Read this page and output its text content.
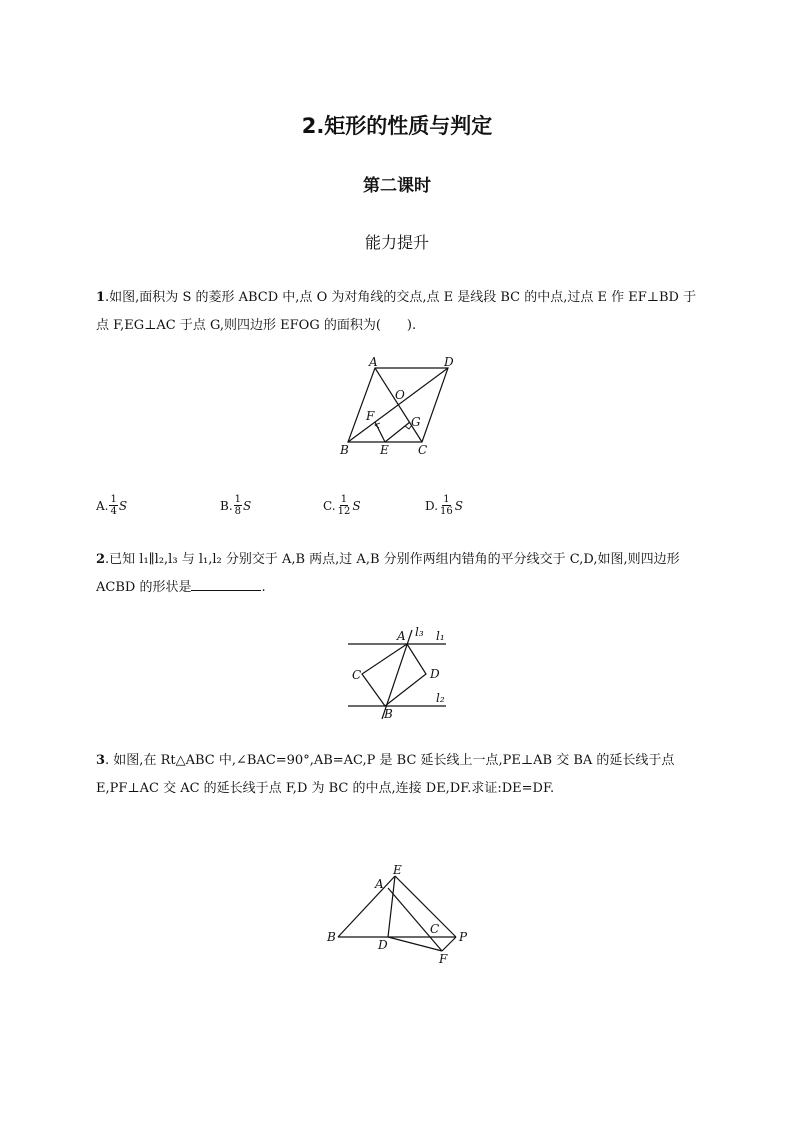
2.矩形的性质与判定
第二课时
能力提升
1.如图,面积为 S 的菱形 ABCD 中,点 O 为对角线的交点,点 E 是线段 BC 的中点,过点 E 作 EF⊥BD 于
点 F,EG⊥AC 于点 G,则四边形 EFOG 的面积为(　　).
A	D
O
F	G
B	E C
A. $\frac{1}{4}$ S	B. $\frac{1}{8}$ S	C. $\frac{1}{12}$ S	D. $\frac{1}{16}$ S
2.已知 l₁∥l₂,l₃ 与 l₁,l₂ 分别交于 A,B 两点,过 A,B 分别作两组内错角的平分线交于 C,D,如图,则四边形
ACBD 的形状是	.
A l₃ l₁
C	D
l₂
B
3. 如图,在 Rt△ABC 中,∠BAC=90°,AB=AC,P 是 BC 延长线上一点,PE⊥AB 交 BA 的延长线于点
E,PF⊥AC 交 AC 的延长线于点 F,D 为 BC 的中点,连接 DE,DF.求证:DE=DF.
E
A
C
P
B
D
F
